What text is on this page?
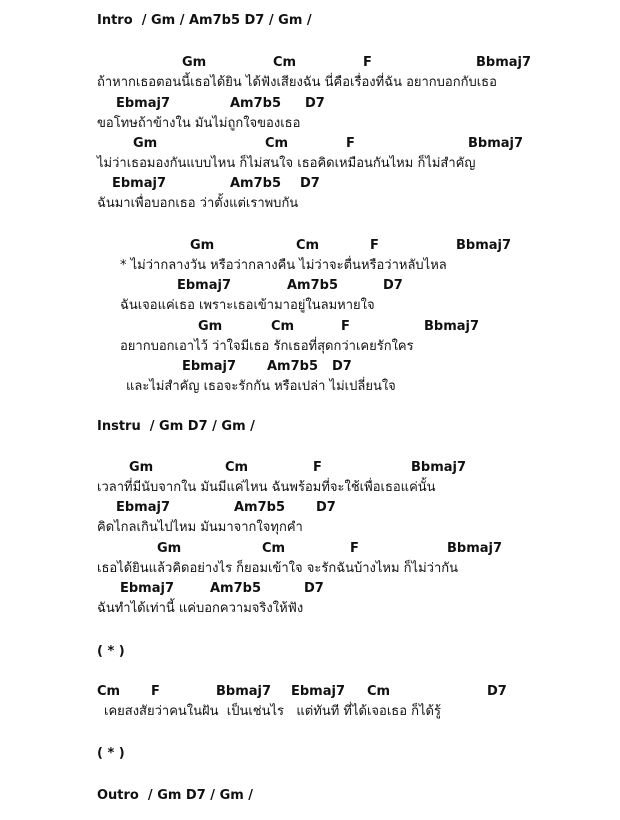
Intro  / Gm / Am7b5 D7 / Gm /
Gm	Cm	F	Bbmaj7
ถ้าหากเธอตอนนี้เธอได้ยิน ได้ฟังเสียงฉัน นี่คือเรื่องที่ฉัน อยากบอกกับเธอ
Ebmaj7	Am7b5 D7
ขอโทษถ้าข้างใน มันไม่ถูกใจของเธอ
Gm	Cm	F	Bbmaj7
ไม่ว่าเธอมองกันแบบไหน ก็ไม่สนใจ เธอคิดเหมือนกันไหม ก็ไม่สำคัญ
Ebmaj7	Am7b5 D7
ฉันมาเพื่อบอกเธอ ว่าตั้งแต่เราพบกัน
Gm	Cm	F	Bbmaj7
* ไม่ว่ากลางวัน หรือว่ากลางคืน ไม่ว่าจะตื่นหรือว่าหลับไหล
Ebmaj7	Am7b5	D7
ฉันเจอแค่เธอ เพราะเธอเข้ามาอยู่ในลมหายใจ
Gm	Cm	F	Bbmaj7
อยากบอกเอาไว้ ว่าใจมีเธอ รักเธอที่สุดกว่าเคยรักใคร
Ebmaj7 Am7b5 D7
และไม่สำคัญ เธอจะรักกัน หรือเปล่า ไม่เปลี่ยนใจ
Instru  / Gm D7 / Gm /
Gm	Cm	F	Bbmaj7
เวลาที่มีนับจากใน มันมีแค่ไหน ฉันพร้อมที่จะใช้เพื่อเธอแค่นั้น
Ebmaj7	Am7b5 D7
คิดไกลเกินไปไหม มันมาจากใจทุกคำ
Gm	Cm	F	Bbmaj7
เธอได้ยินแล้วคิดอย่างไร ก็ยอมเข้าใจ จะรักฉันบ้างไหม ก็ไม่ว่ากัน
Ebmaj7	Am7b5	D7
ฉันทำได้เท่านี้ แค่บอกความจริงให้ฟัง
( * )
Cm F	Bbmaj7 Ebmaj7 Cm	D7
เคยสงสัยว่าคนในฝัน  เป็นเช่นไร   แต่ทันที ที่ได้เจอเธอ ก็ได้รู้
( * )
Outro  / Gm D7 / Gm /
